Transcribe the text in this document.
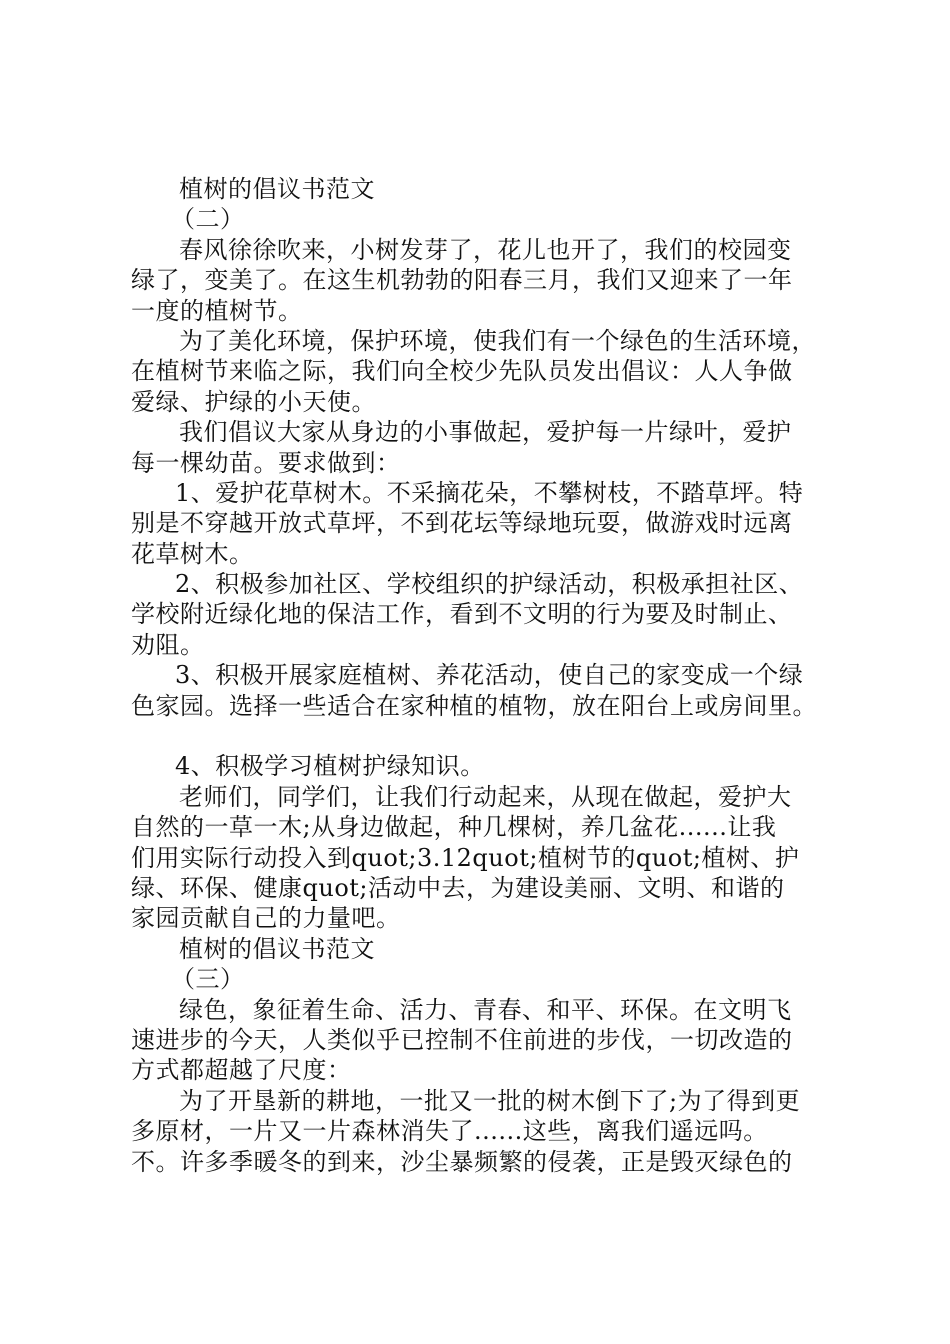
植树的倡议书范文
（二）
春风徐徐吹来，小树发芽了，花儿也开了，我们的校园变
绿了，变美了。在这生机勃勃的阳春三月，我们又迎来了一年
一度的植树节。
为了美化环境，保护环境，使我们有一个绿色的生活环境，
在植树节来临之际，我们向全校少先队员发出倡议：人人争做
爱绿、护绿的小天使。
我们倡议大家从身边的小事做起，爱护每一片绿叶，爱护
每一棵幼苗。要求做到：
1、爱护花草树木。不采摘花朵，不攀树枝，不踏草坪。特
别是不穿越开放式草坪，不到花坛等绿地玩耍，做游戏时远离
花草树木。
2、积极参加社区、学校组织的护绿活动，积极承担社区、
学校附近绿化地的保洁工作，看到不文明的行为要及时制止、
劝阻。
3、积极开展家庭植树、养花活动，使自己的家变成一个绿
色家园。选择一些适合在家种植的植物，放在阳台上或房间里。
4、积极学习植树护绿知识。
老师们，同学们，让我们行动起来，从现在做起，爱护大
自然的一草一木;从身边做起，种几棵树，养几盆花......让我
们用实际行动投入到quot;3.12quot;植树节的quot;植树、护
绿、环保、健康quot;活动中去，为建设美丽、文明、和谐的
家园贡献自己的力量吧。
植树的倡议书范文
（三）
绿色，象征着生命、活力、青春、和平、环保。在文明飞
速进步的今天，人类似乎已控制不住前进的步伐，一切改造的
方式都超越了尺度：
为了开垦新的耕地，一批又一批的树木倒下了;为了得到更
多原材，一片又一片森林消失了......这些，离我们遥远吗。
不。许多季暖冬的到来，沙尘暴频繁的侵袭，正是毁灭绿色的
